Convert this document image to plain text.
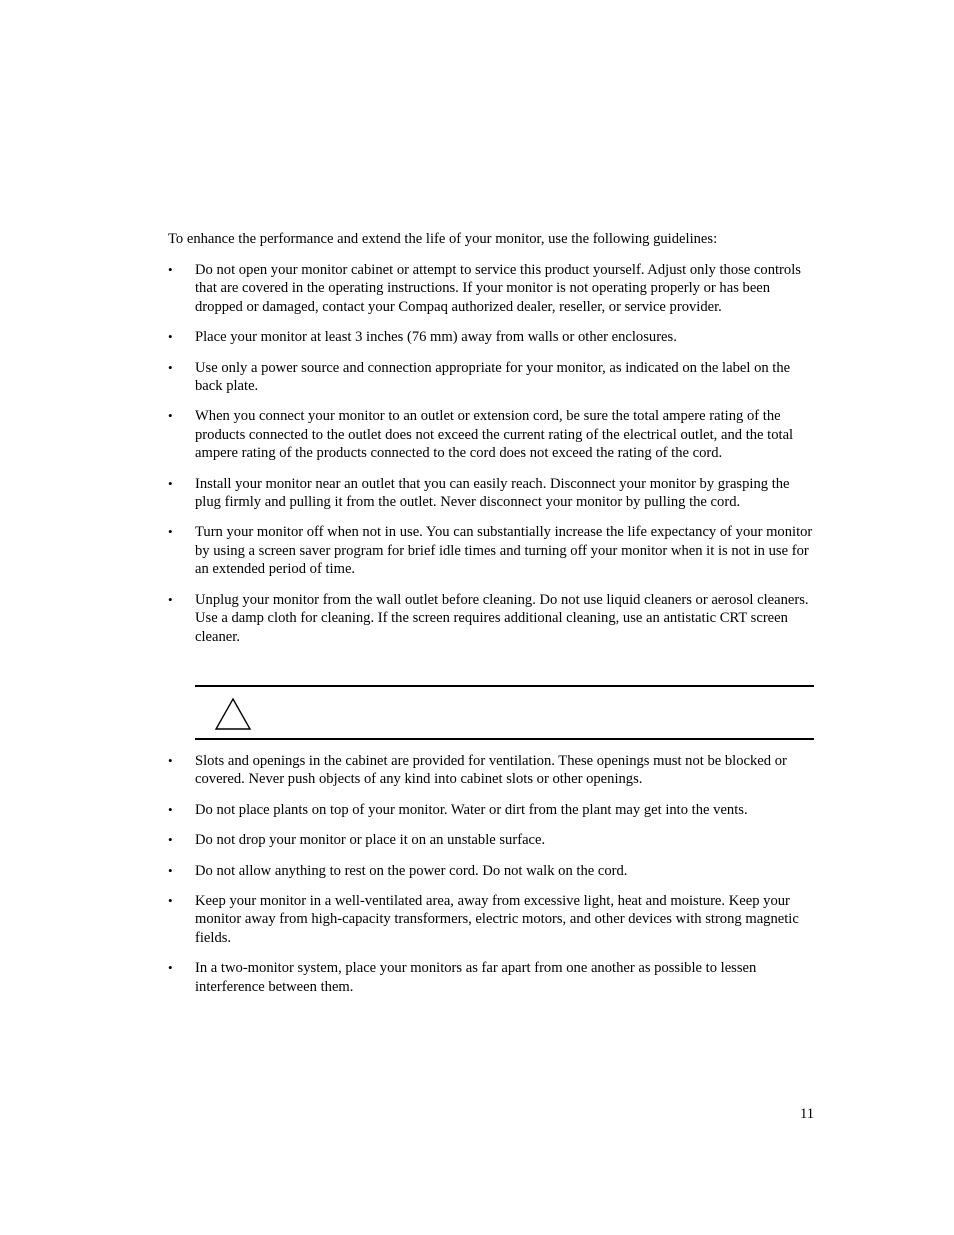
To enhance the performance and extend the life of your monitor, use the following guidelines:

•	Do not open your monitor cabinet or attempt to service this product yourself. Adjust only those controls that are covered in the operating instructions. If your monitor is not operating properly or has been dropped or damaged, contact your Compaq authorized dealer, reseller, or service provider.
•	Place your monitor at least 3 inches (76 mm) away from walls or other enclosures.
•	Use only a power source and connection appropriate for your monitor, as indicated on the label on the back plate.
•	When you connect your monitor to an outlet or extension cord, be sure the total ampere rating of the products connected to the outlet does not exceed the current rating of the electrical outlet, and the total ampere rating of the products connected to the cord does not exceed the rating of the cord.
•	Install your monitor near an outlet that you can easily reach. Disconnect your monitor by grasping the plug firmly and pulling it from the outlet. Never disconnect your monitor by pulling the cord.
•	Turn your monitor off when not in use. You can substantially increase the life expectancy of your monitor by using a screen saver program for brief idle times and turning off your monitor when it is not in use for an extended period of time.
•	Unplug your monitor from the wall outlet before cleaning. Do not use liquid cleaners or aerosol cleaners. Use a damp cloth for cleaning. If the screen requires additional cleaning, use an antistatic CRT screen cleaner.
•	Slots and openings in the cabinet are provided for ventilation. These openings must not be blocked or covered. Never push objects of any kind into cabinet slots or other openings.
•	Do not place plants on top of your monitor. Water or dirt from the plant may get into the vents.
•	Do not drop your monitor or place it on an unstable surface.
•	Do not allow anything to rest on the power cord. Do not walk on the cord.
•	Keep your monitor in a well-ventilated area, away from excessive light, heat and moisture. Keep your monitor away from high-capacity transformers, electric motors, and other devices with strong magnetic fields.
•	In a two-monitor system, place your monitors as far apart from one another as possible to lessen interference between them.

11
